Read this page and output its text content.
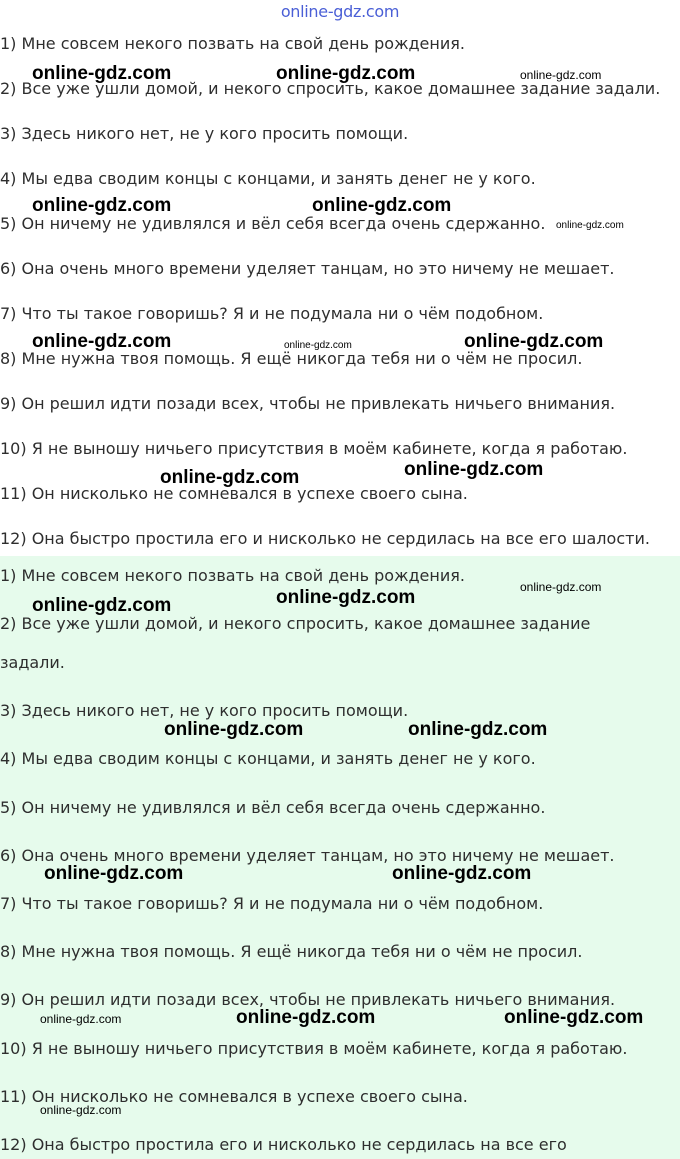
online-gdz.com
1) Мне совсем некого позвать на свой день рождения.
2) Все уже ушли домой, и некого спросить, какое домашнее задание задали.
3) Здесь никого нет, не у кого просить помощи.
4) Мы едва сводим концы с концами, и занять денег не у кого.
5) Он ничему не удивлялся и вёл себя всегда очень сдержанно.
6) Она очень много времени уделяет танцам, но это ничему не мешает.
7) Что ты такое говоришь? Я и не подумала ни о чём подобном.
8) Мне нужна твоя помощь. Я ещё никогда тебя ни о чём не просил.
9) Он решил идти позади всех, чтобы не привлекать ничьего внимания.
10) Я не выношу ничьего присутствия в моём кабинете, когда я работаю.
11) Он нисколько не сомневался в успехе своего сына.
12) Она быстро простила его и нисколько не сердилась на все его шалости.
1) Мне совсем некого позвать на свой день рождения.
2) Все уже ушли домой, и некого спросить, какое домашнее задание
задали.
3) Здесь никого нет, не у кого просить помощи.
4) Мы едва сводим концы с концами, и занять денег не у кого.
5) Он ничему не удивлялся и вёл себя всегда очень сдержанно.
6) Она очень много времени уделяет танцам, но это ничему не мешает.
7) Что ты такое говоришь? Я и не подумала ни о чём подобном.
8) Мне нужна твоя помощь. Я ещё никогда тебя ни о чём не просил.
9) Он решил идти позади всех, чтобы не привлекать ничьего внимания.
10) Я не выношу ничьего присутствия в моём кабинете, когда я работаю.
11) Он нисколько не сомневался в успехе своего сына.
12) Она быстро простила его и нисколько не сердилась на все его
online-gdz.com	online-gdz.com	online-gdz.com
online-gdz.com	online-gdz.com
online-gdz.com
online-gdz.com	online-gdz.com	online-gdz.com
online-gdz.com	online-gdz.com
online-gdz.com
online-gdz.com
online-gdz.com
online-gdz.com	online-gdz.com
online-gdz.com	online-gdz.com
online-gdz.com	online-gdz.com	online-gdz.com
online-gdz.com
